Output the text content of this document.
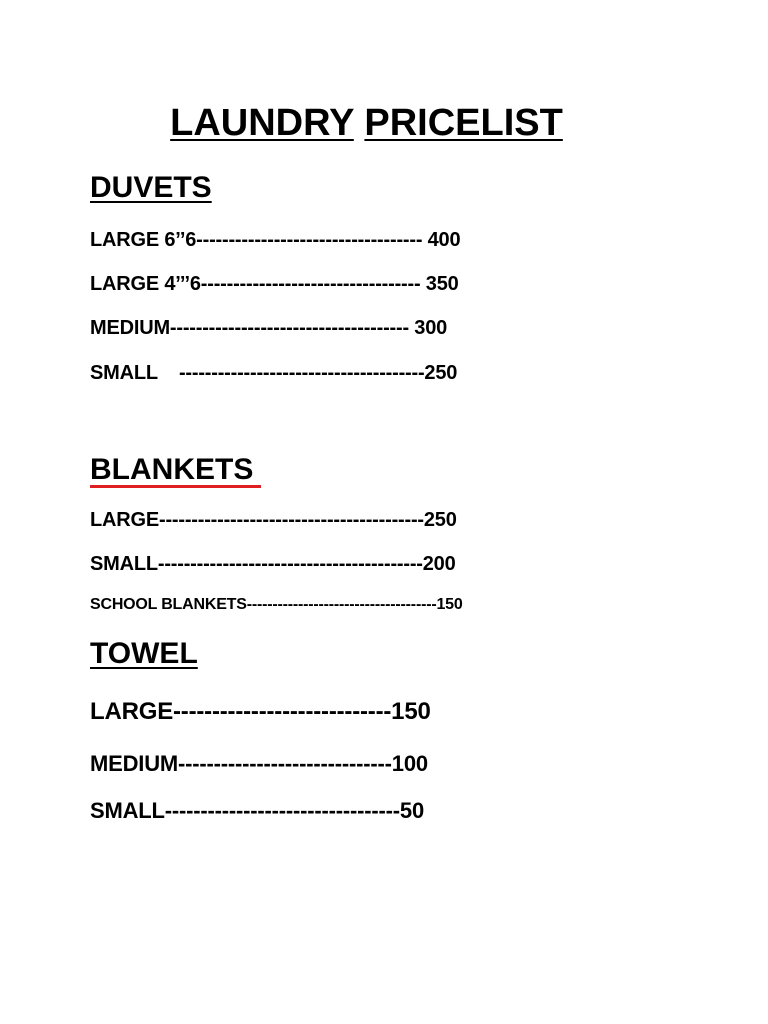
LAUNDRY PRICELIST
DUVETS
LARGE 6’’6----------------------------------- 400
LARGE 4’’’6---------------------------------- 350
MEDIUM------------------------------------- 300
SMALL    --------------------------------------250
BLANKETS
LARGE-----------------------------------------250
SMALL-----------------------------------------200
SCHOOL BLANKETS-------------------------------------150
TOWEL
LARGE----------------------------150
MEDIUM------------------------------100
SMALL---------------------------------50
